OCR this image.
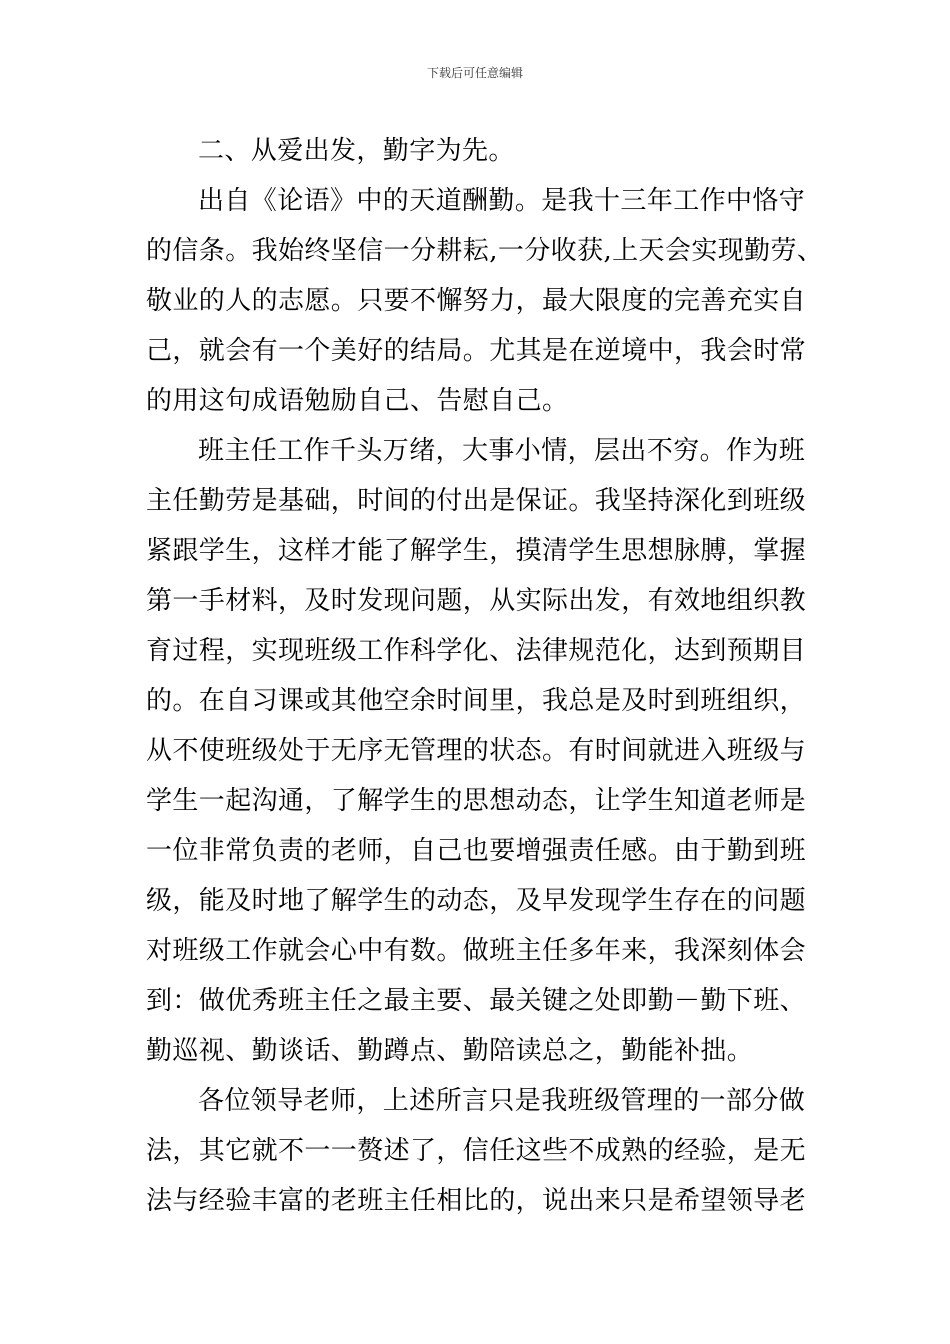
下载后可任意编辑

二、从爱出发，勤字为先。
出自《论语》中的天道酬勤。是我十三年工作中恪守
的信条。我始终坚信一分耕耘,一分收获,上天会实现勤劳、
敬业的人的志愿。只要不懈努力，最大限度的完善充实自
己，就会有一个美好的结局。尤其是在逆境中，我会时常
的用这句成语勉励自己、告慰自己。
班主任工作千头万绪，大事小情，层出不穷。作为班
主任勤劳是基础，时间的付出是保证。我坚持深化到班级
紧跟学生，这样才能了解学生，摸清学生思想脉膊，掌握
第一手材料，及时发现问题，从实际出发，有效地组织教
育过程，实现班级工作科学化、法律规范化，达到预期目
的。在自习课或其他空余时间里，我总是及时到班组织，
从不使班级处于无序无管理的状态。有时间就进入班级与
学生一起沟通，了解学生的思想动态，让学生知道老师是
一位非常负责的老师，自己也要增强责任感。由于勤到班
级，能及时地了解学生的动态，及早发现学生存在的问题
对班级工作就会心中有数。做班主任多年来，我深刻体会
到：做优秀班主任之最主要、最关键之处即勤－勤下班、
勤巡视、勤谈话、勤蹲点、勤陪读总之，勤能补拙。
各位领导老师，上述所言只是我班级管理的一部分做
法，其它就不一一赘述了，信任这些不成熟的经验，是无
法与经验丰富的老班主任相比的，说出来只是希望领导老
